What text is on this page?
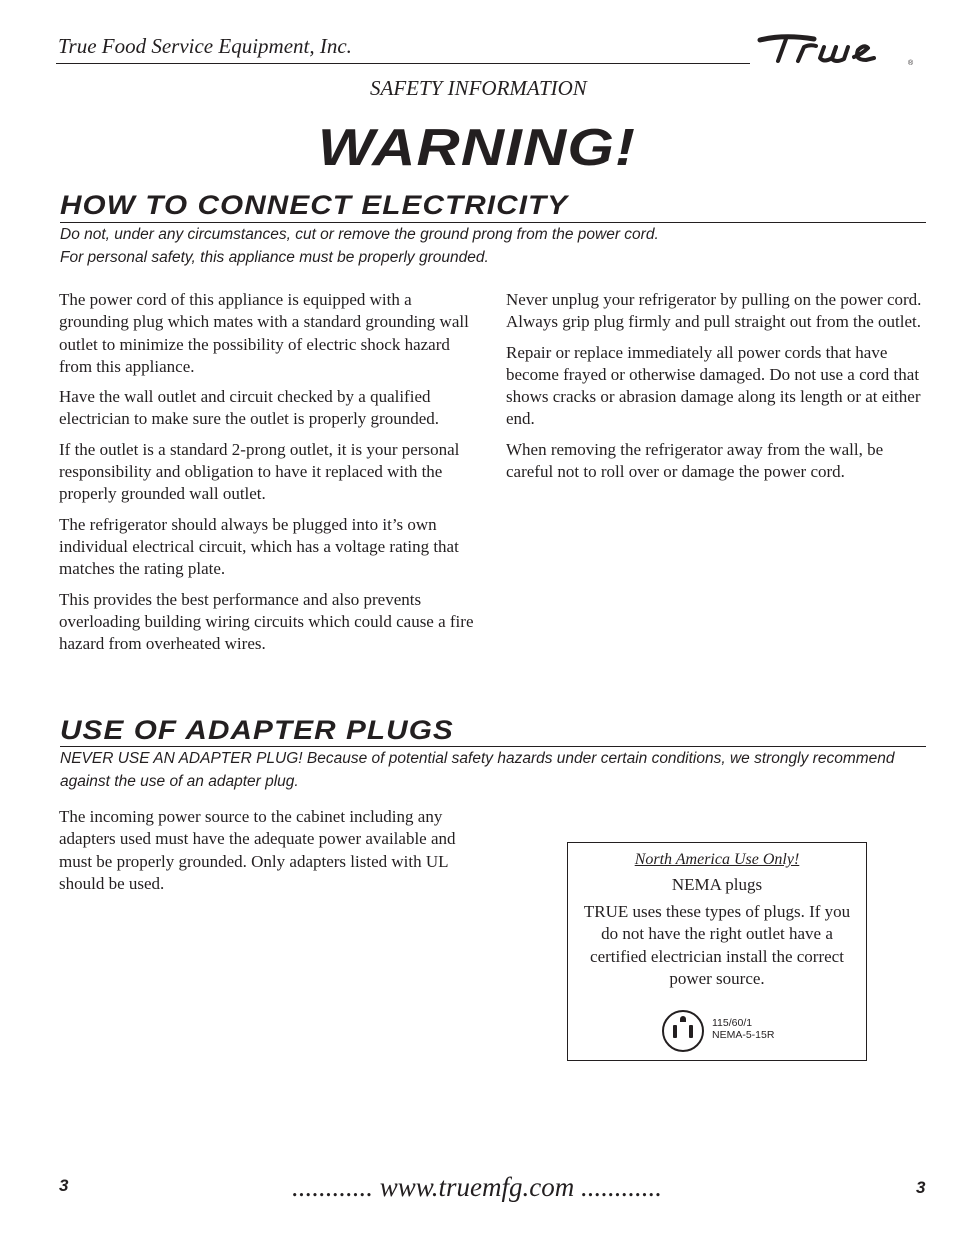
True Food Service Equipment, Inc.
®
SAFETY INFORMATION
WARNING!
HOW TO CONNECT ELECTRICITY
Do not, under any circumstances, cut or remove the ground prong from the power cord.
For personal safety, this appliance must be properly grounded.

The power cord of this appliance is equipped with a grounding plug which mates with a standard grounding wall outlet to minimize the possibility of electric shock hazard from this appliance.

Have the wall outlet and circuit checked by a qualified electrician to make sure the outlet is properly grounded.

If the outlet is a standard 2-prong outlet, it is your personal responsibility and obligation to have it replaced with the properly grounded wall outlet.

The refrigerator should always be plugged into it’s own individual electrical circuit, which has a voltage rating that matches the rating plate.

This provides the best performance and also prevents overloading building wiring circuits which could cause a fire hazard from overheated wires.

Never unplug your refrigerator by pulling on the power cord. Always grip plug firmly and pull straight out from the outlet.

Repair or replace immediately all power cords that have become frayed or otherwise damaged. Do not use a cord that shows cracks or abrasion damage along its length or at either end.

When removing the refrigerator away from the wall, be careful not to roll over or damage the power cord.

USE OF ADAPTER PLUGS
NEVER USE AN ADAPTER PLUG! Because of potential safety hazards under certain conditions, we strongly recommend against the use of an adapter plug.

The incoming power source to the cabinet including any adapters used must have the adequate power available and must be properly grounded. Only adapters listed with UL should be used.

North America Use Only!
NEMA plugs
TRUE uses these types of plugs. If you do not have the right outlet have a certified electrician install the correct power source.
115/60/1
NEMA-5-15R
3	............ www.truemfg.com ............	3
